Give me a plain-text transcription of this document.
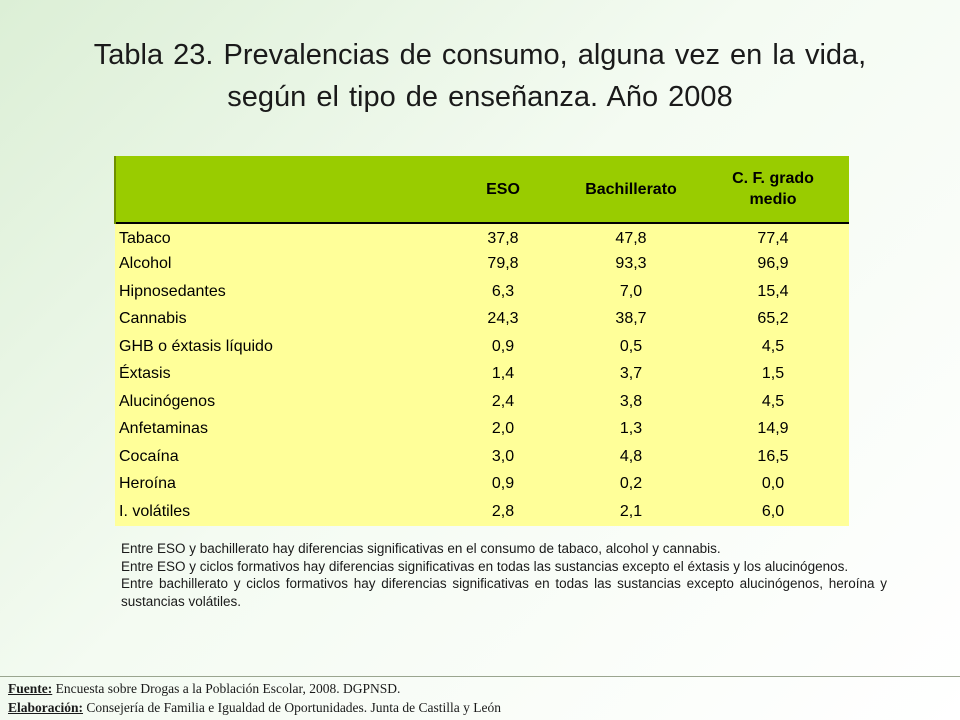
Tabla 23. Prevalencias de consumo, alguna vez en la vida,
según el tipo de enseñanza. Año 2008
	ESO	Bachillerato	C. F. grado
medio
Tabaco	37,8	47,8	77,4
Alcohol	79,8	93,3	96,9
Hipnosedantes	6,3	7,0	15,4
Cannabis	24,3	38,7	65,2
GHB o éxtasis líquido	0,9	0,5	4,5
Éxtasis	1,4	3,7	1,5
Alucinógenos	2,4	3,8	4,5
Anfetaminas	2,0	1,3	14,9
Cocaína	3,0	4,8	16,5
Heroína	0,9	0,2	0,0
I. volátiles	2,8	2,1	6,0

Entre ESO y bachillerato hay diferencias significativas en el consumo de tabaco, alcohol y cannabis.

Entre ESO y ciclos formativos hay diferencias significativas en todas las sustancias excepto el éxtasis y los alucinógenos.

Entre bachillerato y ciclos formativos hay diferencias significativas en todas las sustancias excepto alucinógenos, heroína y sustancias volátiles.

Fuente: Encuesta sobre Drogas a la Población Escolar, 2008. DGPNSD.
Elaboración: Consejería de Familia e Igualdad de Oportunidades. Junta de Castilla y León
